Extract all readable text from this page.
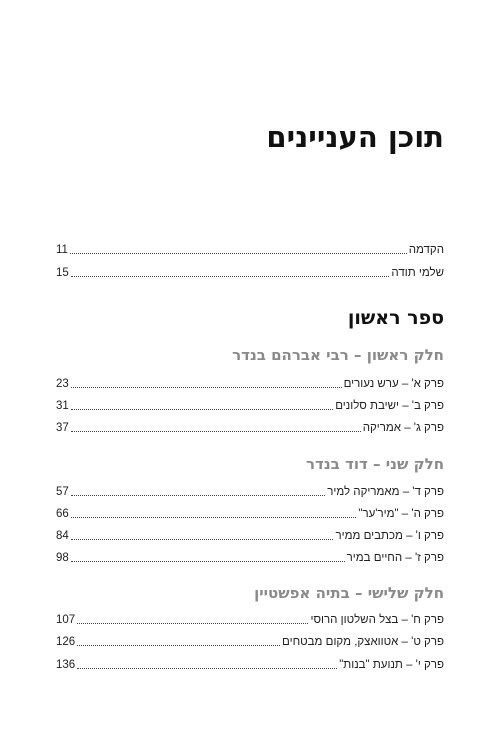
תוכן העניינים
הקדמה
11
שלמי תודה
15
ספר ראשון
חלק ראשון – רבי אברהם בנדר
פרק א' – ערש נעורים
23
פרק ב' – ישיבת סלונים
31
פרק ג' – אמריקה
37
חלק שני – דוד בנדר
פרק ד' – מאמריקה למיר
57
פרק ה' – "מיר'ער"
66
פרק ו' – מכתבים ממיר
84
פרק ז' – החיים במיר
98
חלק שלישי – בתיה אפשטיין
פרק ח' – בצל השלטון הרוסי
107
פרק ט' – אטוואצק, מקום מבטחים
126
פרק י' – תנועת "בנות"
136
